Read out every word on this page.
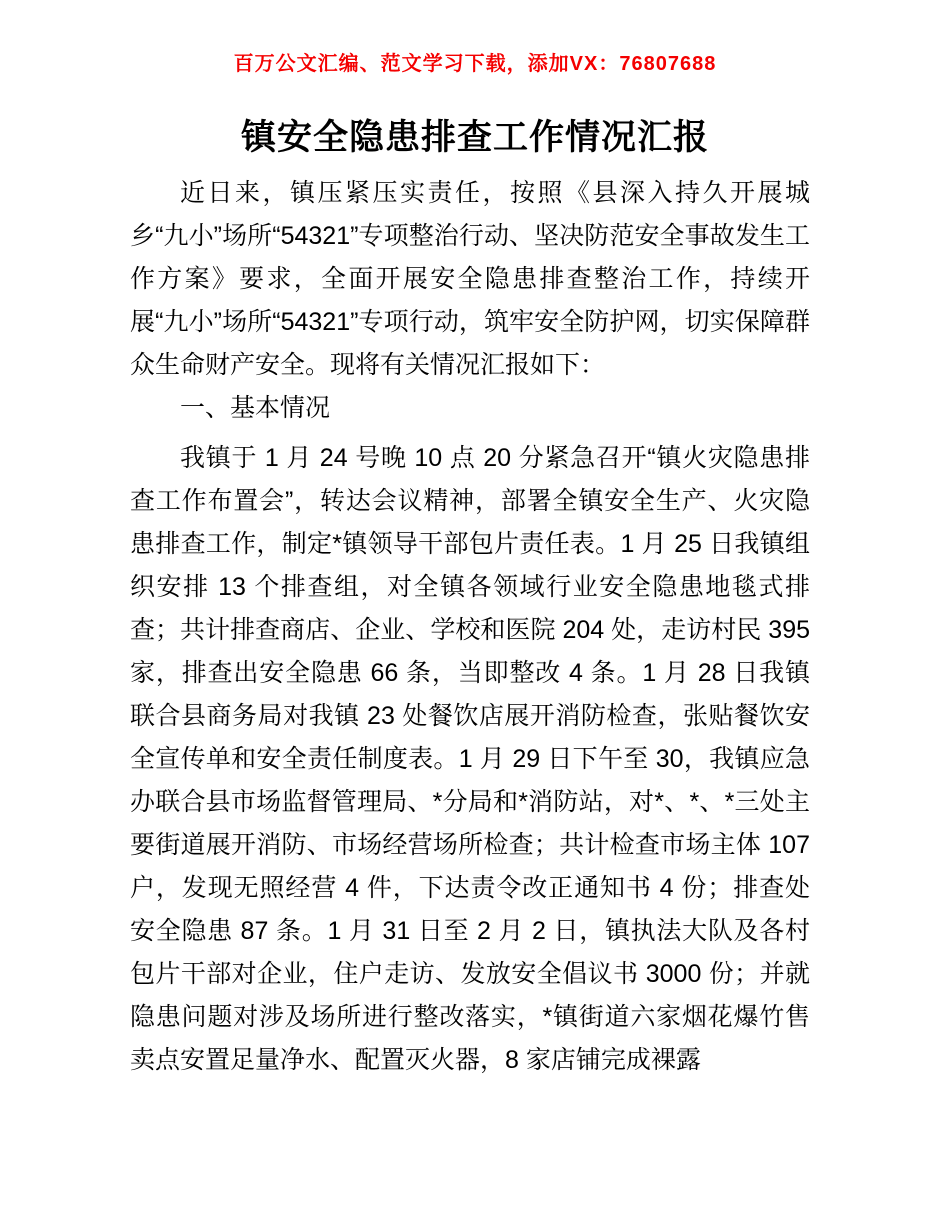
百万公文汇编、范文学习下载，添加VX：76807688
镇安全隐患排查工作情况汇报

近日来，镇压紧压实责任，按照《县深入持久开展城乡“九小”场所“54321”专项整治行动、坚决防范安全事故发生工作方案》要求，全面开展安全隐患排查整治工作，持续开展“九小”场所“54321”专项行动，筑牢安全防护网，切实保障群众生命财产安全。现将有关情况汇报如下：

一、基本情况

我镇于 1 月 24 号晚 10 点 20 分紧急召开“镇火灾隐患排查工作布置会”，转达会议精神，部署全镇安全生产、火灾隐患排查工作，制定*镇领导干部包片责任表。1 月 25 日我镇组织安排 13 个排查组，对全镇各领域行业安全隐患地毯式排查；共计排查商店、企业、学校和医院 204 处，走访村民 395 家，排查出安全隐患 66 条，当即整改 4 条。1 月 28 日我镇联合县商务局对我镇 23 处餐饮店展开消防检查，张贴餐饮安全宣传单和安全责任制度表。1 月 29 日下午至 30，我镇应急办联合县市场监督管理局、*分局和*消防站，对*、*、*三处主要街道展开消防、市场经营场所检查；共计检查市场主体 107 户，发现无照经营 4 件，下达责令改正通知书 4 份；排查处安全隐患 87 条。1 月 31 日至 2 月 2 日，镇执法大队及各村包片干部对企业，住户走访、发放安全倡议书 3000 份；并就隐患问题对涉及场所进行整改落实，*镇街道六家烟花爆竹售卖点安置足量净水、配置灭火器，8 家店铺完成裸露
